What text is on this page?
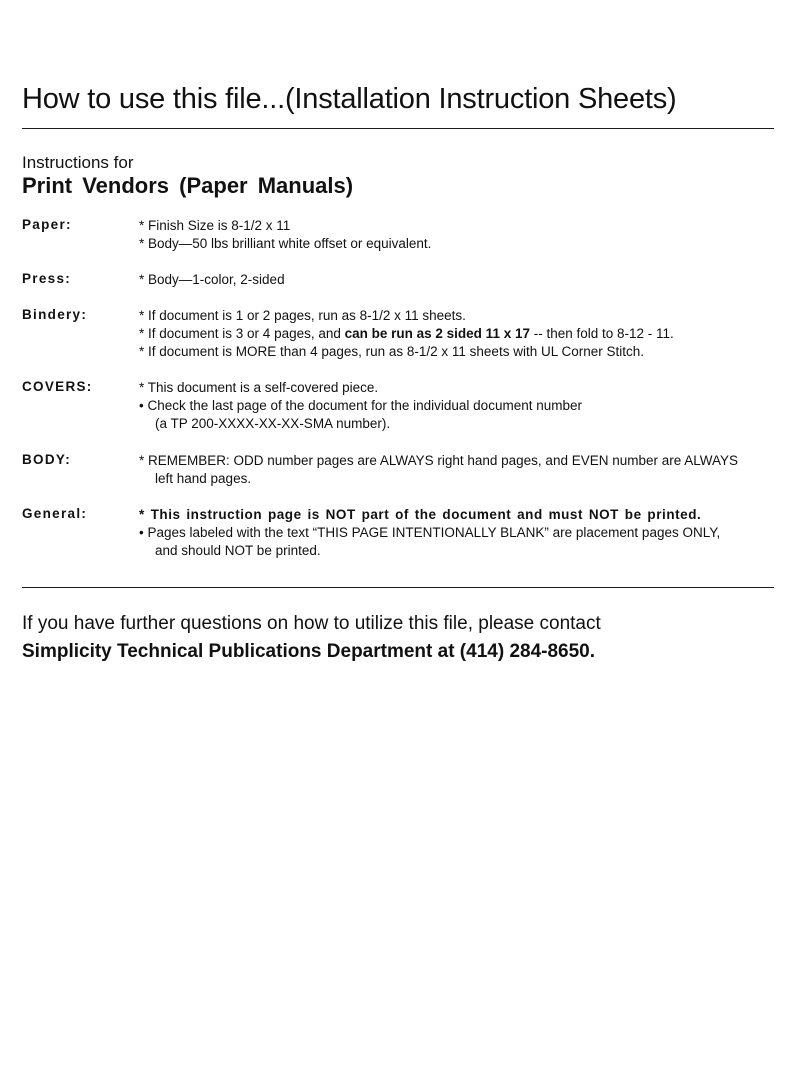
How to use this file...(Installation Instruction Sheets)
Instructions for
Print Vendors (Paper Manuals)
Paper:	* Finish Size is 8-1/2 x 11
* Body—50 lbs brilliant white offset or equivalent.
Press:	* Body—1-color, 2-sided
Bindery:	* If document is 1 or 2 pages, run as 8-1/2 x 11 sheets.
* If document is 3 or 4 pages, and can be run as 2 sided 11 x 17 -- then fold to 8-12 - 11.
* If document is MORE than 4 pages, run as 8-1/2 x 11 sheets with UL Corner Stitch.
COVERS:	* This document is a self-covered piece.
• Check the last page of the document for the individual document number
(a TP 200-XXXX-XX-XX-SMA number).
BODY:	* REMEMBER: ODD number pages are ALWAYS right hand pages, and EVEN number are ALWAYS
left hand pages.
General:	* This instruction page is NOT part of the document and must NOT be printed.
• Pages labeled with the text “THIS PAGE INTENTIONALLY BLANK” are placement pages ONLY,
and should NOT be printed.
If you have further questions on how to utilize this file, please contact
Simplicity Technical Publications Department at (414) 284-8650.
